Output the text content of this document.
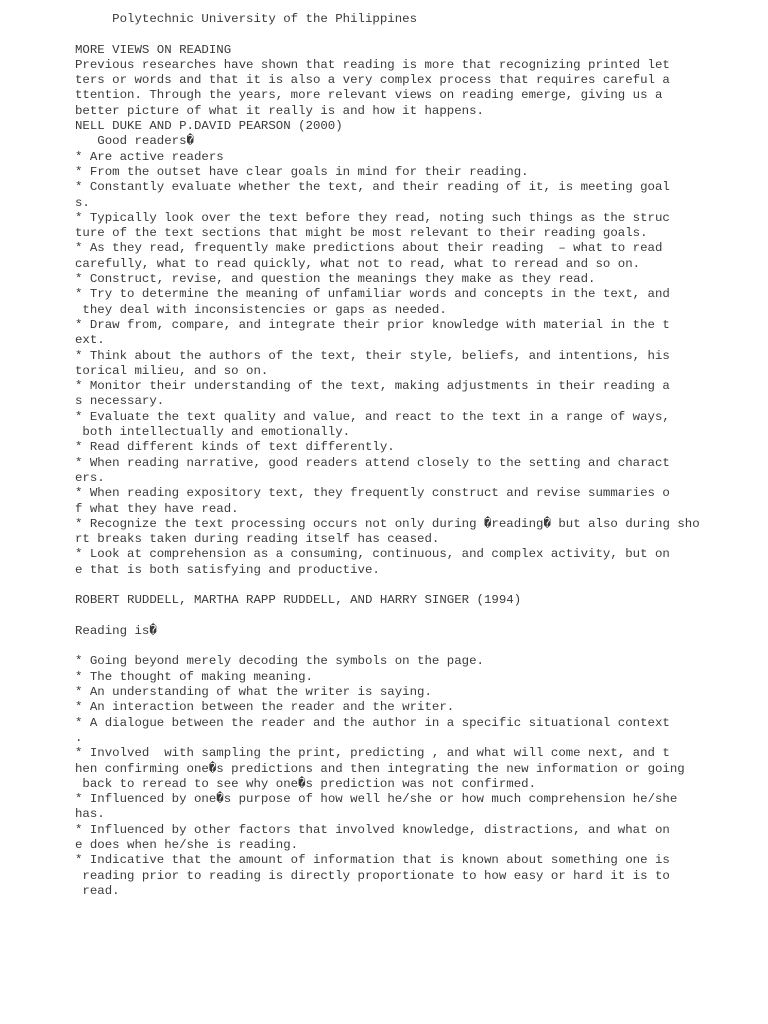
Polytechnic University of the Philippines
MORE VIEWS ON READING
Previous researches have shown that reading is more that recognizing printed let
ters or words and that it is also a very complex process that requires careful a
ttention. Through the years, more relevant views on reading emerge, giving us a
better picture of what it really is and how it happens.
NELL DUKE AND P.DAVID PEARSON (2000)
Good readers�
* Are active readers
* From the outset have clear goals in mind for their reading.
* Constantly evaluate whether the text, and their reading of it, is meeting goal
s.
* Typically look over the text before they read, noting such things as the struc
ture of the text sections that might be most relevant to their reading goals.
* As they read, frequently make predictions about their reading  – what to read
carefully, what to read quickly, what not to read, what to reread and so on.
* Construct, revise, and question the meanings they make as they read.
* Try to determine the meaning of unfamiliar words and concepts in the text, and
they deal with inconsistencies or gaps as needed.
* Draw from, compare, and integrate their prior knowledge with material in the t
ext.
* Think about the authors of the text, their style, beliefs, and intentions, his
torical milieu, and so on.
* Monitor their understanding of the text, making adjustments in their reading a
s necessary.
* Evaluate the text quality and value, and react to the text in a range of ways,
both intellectually and emotionally.
* Read different kinds of text differently.
* When reading narrative, good readers attend closely to the setting and charact
ers.
* When reading expository text, they frequently construct and revise summaries o
f what they have read.
* Recognize the text processing occurs not only during �reading� but also during sho
rt breaks taken during reading itself has ceased.
* Look at comprehension as a consuming, continuous, and complex activity, but on
e that is both satisfying and productive.
ROBERT RUDDELL, MARTHA RAPP RUDDELL, AND HARRY SINGER (1994)
Reading is�
* Going beyond merely decoding the symbols on the page.
* The thought of making meaning.
* An understanding of what the writer is saying.
* An interaction between the reader and the writer.
* A dialogue between the reader and the author in a specific situational context
.
* Involved  with sampling the print, predicting , and what will come next, and t
hen confirming one�s predictions and then integrating the new information or going
back to reread to see why one�s prediction was not confirmed.
* Influenced by one�s purpose of how well he/she or how much comprehension he/she
has.
* Influenced by other factors that involved knowledge, distractions, and what on
e does when he/she is reading.
* Indicative that the amount of information that is known about something one is
reading prior to reading is directly proportionate to how easy or hard it is to
read.
